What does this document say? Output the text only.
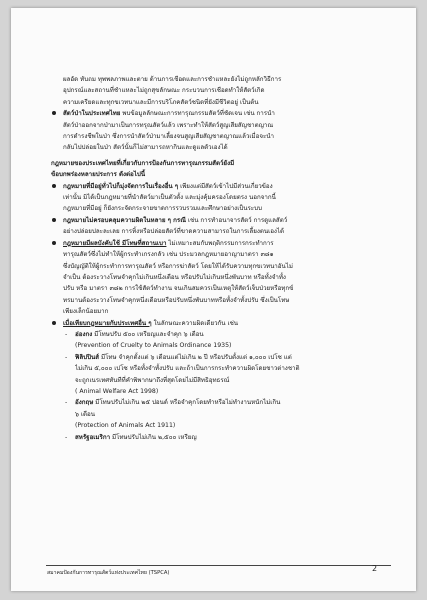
ผลอัด ทับถม ทุพพลภาพและตาย ด้านการเชือดและการชำแหละยังไม่ถูกหลักวิธีการ

อุปกรณ์และสถานที่ชำแหละไม่ถูกสุขลักษณะ กระบวนการเชือดทำให้สัตว์เกิด

ความเครียดและทุกขเวทนาและมีการบริโภคสัตว์ชนิดที่ยังมีชีวิตอยู่ เป็นต้น

สัตว์ป่าในประเทศไทย พบข้อมูลลักษณะการทารุณกรรมสัตว์ที่ชัดเจน เช่น การนำ

สัตว์ป่าออกจากป่ามาเป็นการทรุณสัตว์แล้ว เพราะทำให้สัตว์สูญเสียสัญชาตญาณ

การดำรงชีพในป่า ซึ่งการนำสัตว์ป่ามาเลี้ยงจนสูญเสียสัญชาตญาณแล้วเมื่อจะนำ

กลับไปปล่อยในป่า สัตว์นั้นก็ไม่สามารถหากินและดูแลตัวเองได้

กฎหมายของประเทศไทยที่เกี่ยวกับการป้องกันการทารุณกรรมสัตว์ยังมี

ข้อบกพร่องหลายประการ ดังต่อไปนี้

กฎหมายที่มีอยู่ทั่วไปก็มุ่งจัดการในเรื่องอื่น ๆ เพียงแต่มีสัตว์เข้าไปมีส่วนเกี่ยวข้อง

เท่านั้น มิได้เป็นกฎหมายที่นำสัตว์มาเป็นตัวตั้ง และมุ่งคุ้มครองโดยตรง นอกจากนี้

กฎหมายที่มีอยู่ ก็ยังกระจัดกระจายขาดการรวบรวมและศึกษาอย่างเป็นระบบ

กฎหมายไม่ครอบคลุมความผิดในหลาย ๆ กรณี เช่น การทำอนาจารสัตว์ การดูแลสัตว์

อย่างปล่อยปละละเลย การทิ้งหรือปล่อยสัตว์ที่ขาดความสามารถในการเลี้ยงตนเองได้

กฎหมายมีผลบังคับใช้ มีโทษที่สถานเบา ไม่เหมาะสมกับพฤติกรรมการกระทำการ

ทารุณสัตว์ซึ่งไม่ทำให้ผู้กระทำเกรงกลัว เช่น ประมวลกฎหมายอาญามาตรา ๓๘๑

ซึ่งบัญญัติให้ผู้กระทำการทารุณสัตว์ หรือการฆ่าสัตว์ โดยให้ได้รับความทุกขเวทนาอันไม่

จำเป็น ต้องระวางโทษจำคุกไม่เกินหนึ่งเดือน หรือปรับไม่เกินหนึ่งพันบาท หรือทั้งจำทั้ง

ปรับ หรือ มาตรา ๓๘๒ การใช้สัตว์ทำงาน จนเกินสมควรเป็นเหตุให้สัตว์เจ็บป่วยหรือทุกข์

ทรมานต้องระวางโทษจำคุกหนึ่งเดือนหรือปรับหนึ่งพันบาทหรือทั้งจำทั้งปรับ ซึ่งเป็นโทษ

เพียงเล็กน้อยมาก

เมื่อเทียบกฎหมายกับประเทศอื่น ๆ ในลักษณะความผิดเดียวกัน เช่น

- ฮ่องกง มีโทษปรับ ๕๐๐ เหรียญและจำคุก ๖ เดือน

(Prevention of Cruelty to Animals Ordinance 1935)

- ฟิลิปปินส์ มีโทษ จำคุกตั้งแต่ ๖ เดือนแต่ไม่เกิน ๒ ปี หรือปรับตั้งแต่ ๑,๐๐๐ เปโซ แต่

ไม่เกิน ๕,๐๐๐ เปโซ หรือทั้งจำทั้งปรับ และถ้าเป็นการกระทำความผิดโดยชาวต่างชาติ

จะถูกเนรเทศทันทีที่คำพิพากษาถึงที่สุดโดยไม่มีสิทธิอุทธรณ์

( Animal Welfare Act 1998)

- อังกฤษ มีโทษปรับไม่เกิน ๒๕ ปอนด์ หรือจำคุกโดยทำหรือไม่ทำงานหนักไม่เกิน

๖ เดือน

(Protection of Animals Act 1911)

- สหรัฐอเมริกา มีโทษปรับไม่เกิน ๒,๕๐๐ เหรียญ

สมาคมป้องกันการทารุณสัตว์แห่งประเทศไทย (TSPCA)	2
